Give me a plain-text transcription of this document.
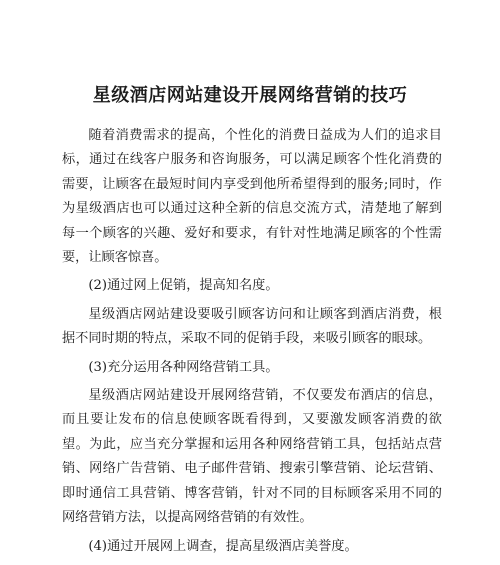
星级酒店网站建设开展网络营销的技巧

随着消费需求的提高，个性化的消费日益成为人们的追求目标，通过在线客户服务和咨询服务，可以满足顾客个性化消费的需要，让顾客在最短时间内享受到他所希望得到的服务;同时，作为星级酒店也可以通过这种全新的信息交流方式，清楚地了解到每一个顾客的兴趣、爱好和要求，有针对性地满足顾客的个性需要，让顾客惊喜。

(2)通过网上促销，提高知名度。

星级酒店网站建设要吸引顾客访问和让顾客到酒店消费，根据不同时期的特点，采取不同的促销手段，来吸引顾客的眼球。

(3)充分运用各种网络营销工具。

星级酒店网站建设开展网络营销，不仅要发布酒店的信息，而且要让发布的信息使顾客既看得到，又要激发顾客消费的欲望。为此，应当充分掌握和运用各种网络营销工具，包括站点营销、网络广告营销、电子邮件营销、搜索引擎营销、论坛营销、即时通信工具营销、博客营销，针对不同的目标顾客采用不同的网络营销方法，以提高网络营销的有效性。

(4)通过开展网上调查，提高星级酒店美誉度。
